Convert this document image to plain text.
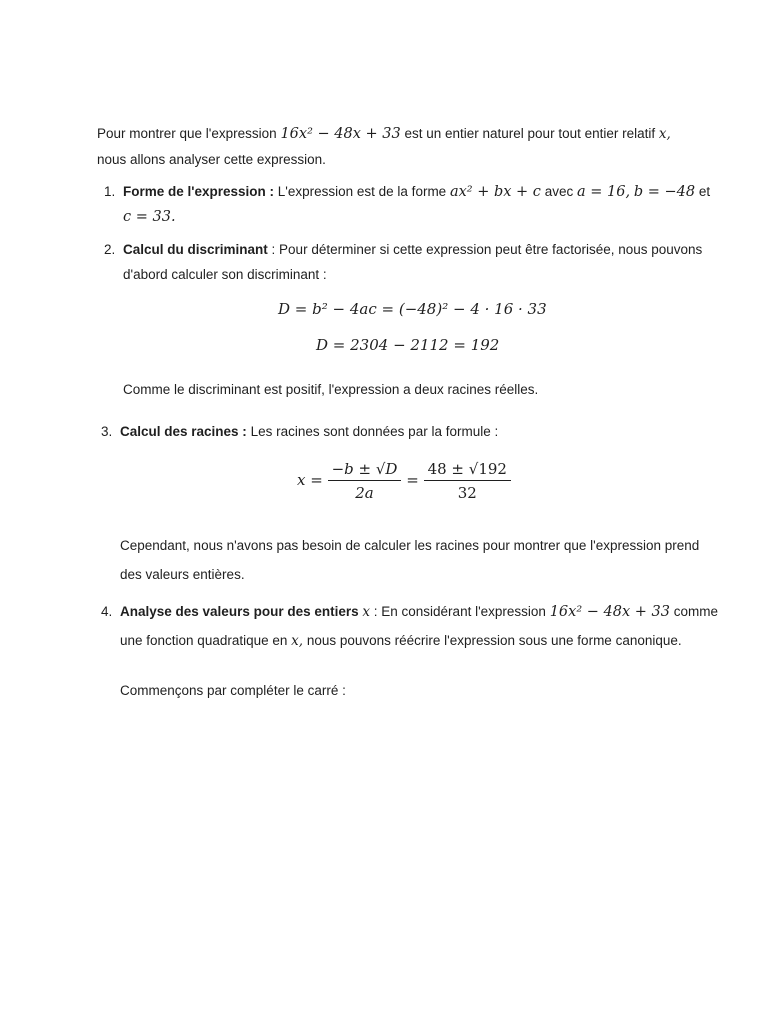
Pour montrer que l'expression 16x² − 48x + 33 est un entier naturel pour tout entier relatif x,
nous allons analyser cette expression.
1. Forme de l'expression : L'expression est de la forme ax² + bx + c avec a = 16, b = −48 et
c = 33.
2. Calcul du discriminant : Pour déterminer si cette expression peut être factorisée, nous pouvons
d'abord calculer son discriminant :
D = b² − 4ac = (−48)² − 4 · 16 · 33
D = 2304 − 2112 = 192
Comme le discriminant est positif, l'expression a deux racines réelles.
3. Calcul des racines : Les racines sont données par la formule :
$x = \frac{-b \pm √D}{2a} = \frac{48 \pm √192}{32}$
Cependant, nous n'avons pas besoin de calculer les racines pour montrer que l'expression prend
des valeurs entières.
4. Analyse des valeurs pour des entiers x : En considérant l'expression 16x² − 48x + 33 comme
une fonction quadratique en x, nous pouvons réécrire l'expression sous une forme canonique.
Commençons par compléter le carré :
